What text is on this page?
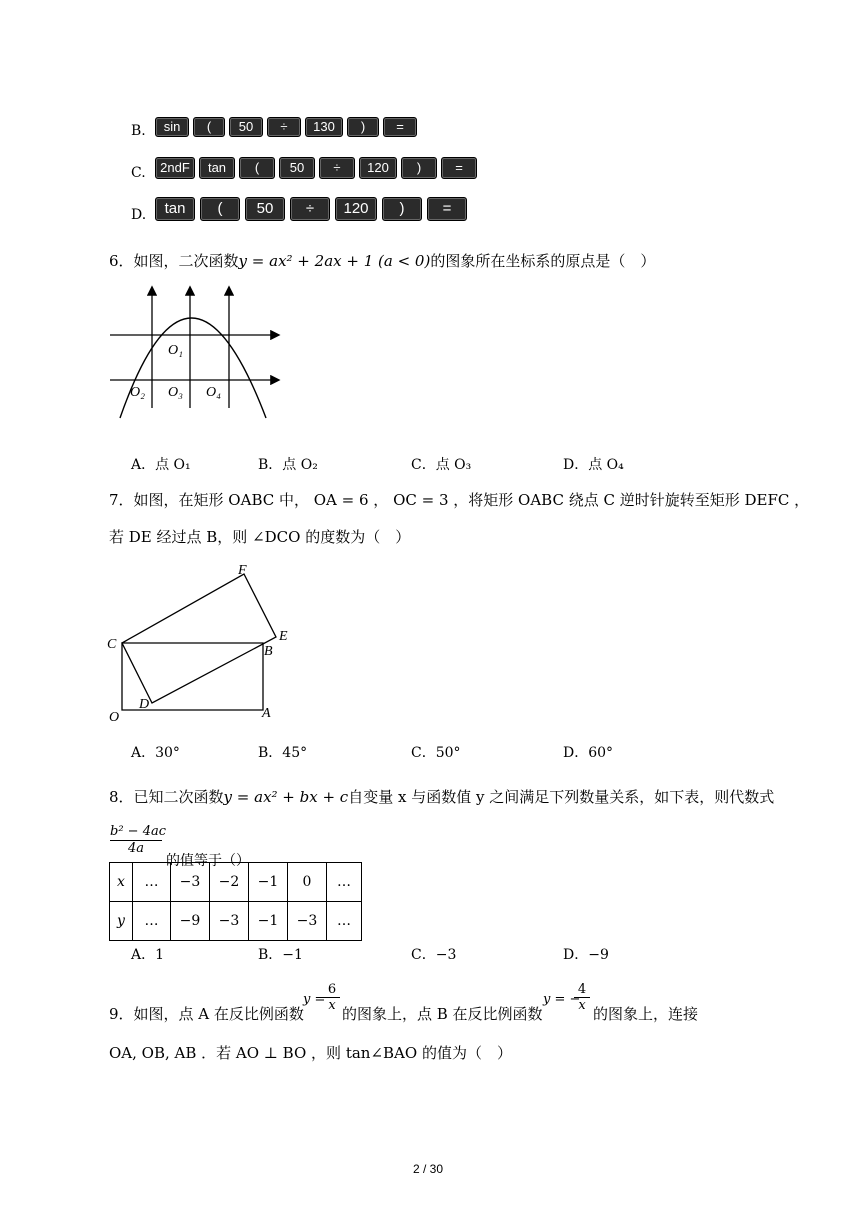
B.	sin ( 50 ÷ 130 ) =
C.	2ndF tan ( 50 ÷ 120 )	=
D.	tan ( 50 ÷ 120 )	=
6．如图，二次函数y = ax² + 2ax + 1 (a < 0)的图象所在坐标系的原点是（　）
O₁
O₂ O₃ O₄
A．点 O₁	B．点 O₂	C．点 O₃	D．点 O₄
7．如图，在矩形 OABC 中， OA = 6 ， OC = 3 ，将矩形 OABC 绕点 C 逆时针旋转至矩形 DEFC ，
若 DE 经过点 B，则 ∠DCO 的度数为（　）
F
C
E
B
D
O	A
A．30°	B．45°	C．50°	D．60°
8．已知二次函数y = ax² + bx + c自变量 x 与函数值 y 之间满足下列数量关系，如下表，则代数式
$\frac{\text{b² − 4ac}}{4a}$
的值等于（）
x	…	−3	−2	−1	0	…
y	…	−9	−3	−1	−3	…
A．1	B．−1	C．−3	D．−9
9．如图，点 A 在反比例函数
y =
$\frac{6}{x}$
的图象上，点 B 在反比例函数
y = −
$\frac{4}{x}$
的图象上，连接
OA, OB, AB ．若 AO ⊥ BO ，则 tan∠BAO 的值为（　）
2 / 30
